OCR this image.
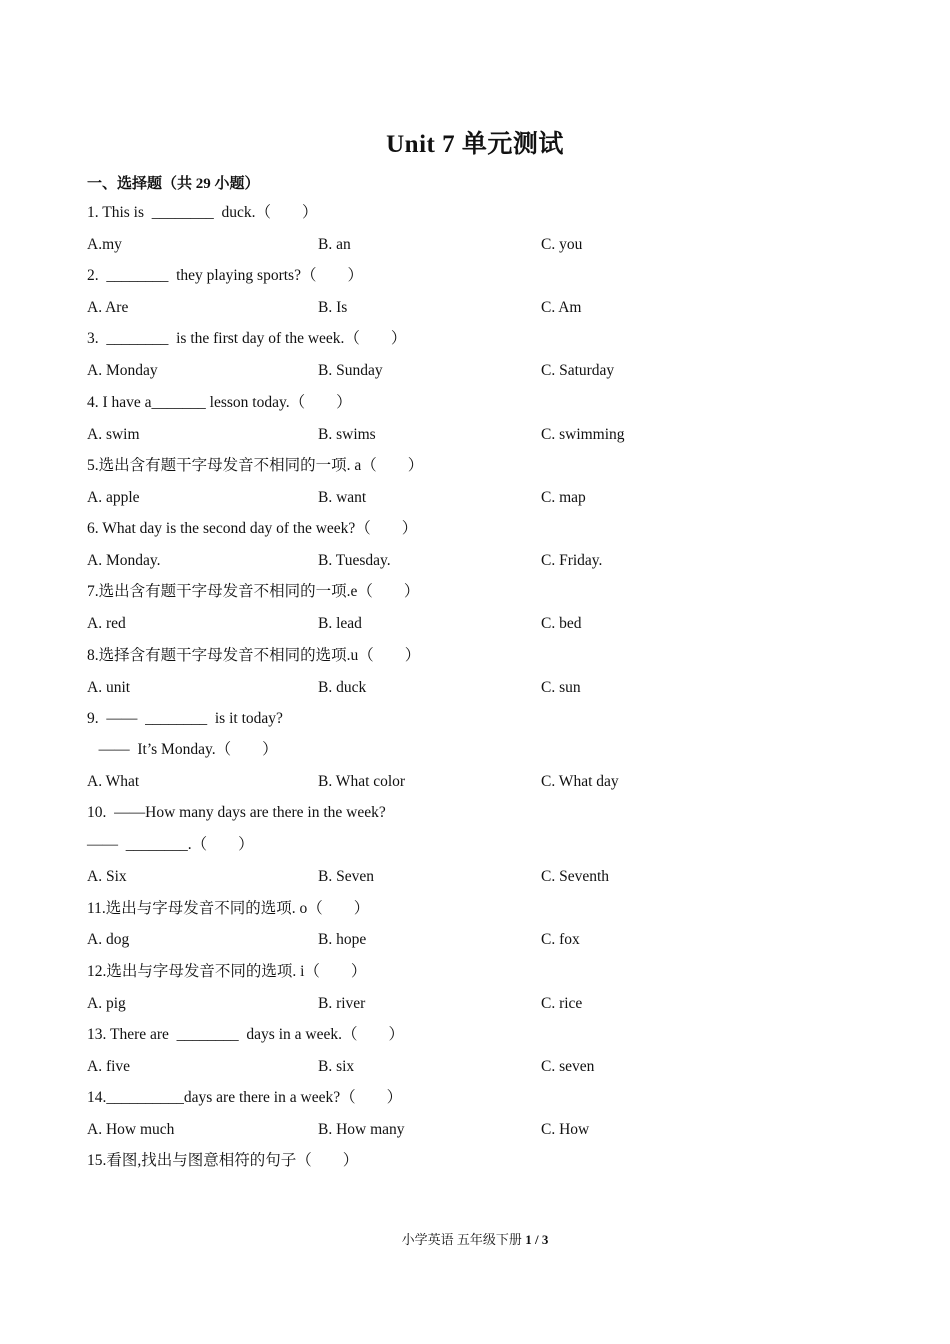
Unit 7 单元测试
一、选择题（共 29 小题）
1. This is  ________  duck.（        ）
A.my	B. an	C. you
2.  ________  they playing sports?（        ）
A. Are	B. Is	C. Am
3.  ________  is the first day of the week.（        ）
A. Monday	B. Sunday	C. Saturday
4. I have a_______ lesson today.（        ）
A. swim	B. swims	C. swimming
5.选出含有题干字母发音不相同的一项. a（        ）
A. apple	B. want	C. map
6. What day is the second day of the week?（        ）
A. Monday.	B. Tuesday.	C. Friday.
7.选出含有题干字母发音不相同的一项.e（        ）
A. red	B. lead	C. bed
8.选择含有题干字母发音不相同的选项.u（        ）
A. unit	B. duck	C. sun
9.  ——  ________  is it today?
——  It’s Monday.（        ）
A. What	B. What color	C. What day
10.  ——How many days are there in the week?
——  ________.（        ）
A. Six	B. Seven	C. Seventh
11.选出与字母发音不同的选项. o（        ）
A. dog	B. hope	C. fox
12.选出与字母发音不同的选项. i（        ）
A. pig	B. river	C. rice
13. There are  ________  days in a week.（        ）
A. five	B. six	C. seven
14.__________days are there in a week?（        ）
A. How much	B. How many	C. How
15.看图,找出与图意相符的句子（        ）
小学英语 五年级下册 1 / 3
